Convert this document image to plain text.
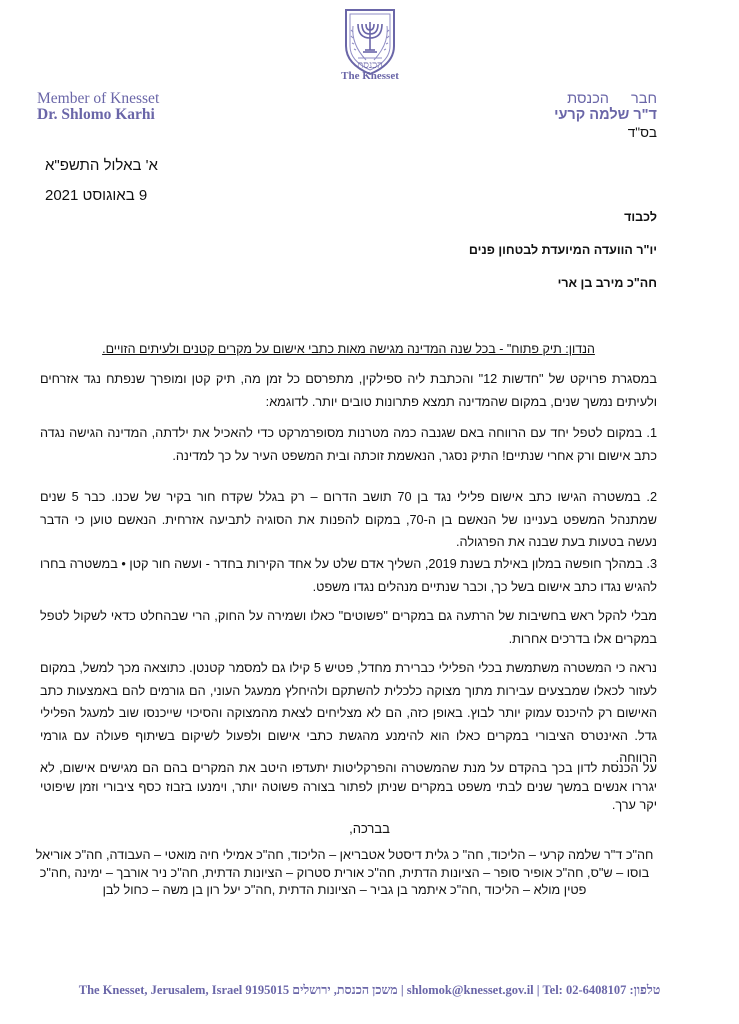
הכנסת
The Knesset
Member of Knesset
Dr. Shlomo Karhi
חבר הכנסת
ד"ר שלמה קרעי
בס"ד
א' באלול התשפ"א
9 באוגוסט 2021
לכבוד
יו"ר הוועדה המיועדת לבטחון פנים
חה"כ מירב בן ארי
הנדון: תיק פתוח" - בכל שנה המדינה מגישה מאות כתבי אישום על מקרים קטנים ולעיתים הזויים.
במסגרת פרויקט של "חדשות 12" והכתבת ליה ספילקין, מתפרסם כל זמן מה, תיק קטן ומופרך שנפתח נגד אזרחים ולעיתים נמשך שנים, במקום שהמדינה תמצא פתרונות טובים יותר. לדוגמא:
1. במקום לטפל יחד עם הרווחה באם שגנבה כמה מטרנות מסופרמרקט כדי להאכיל את ילדתה, המדינה הגישה נגדה כתב אישום ורק אחרי שנתיים! התיק נסגר, הנאשמת זוכתה ובית המשפט העיר על כך למדינה.
2. במשטרה הגישו כתב אישום פלילי נגד בן 70 תושב הדרום – רק בגלל שקדח חור בקיר של שכנו. כבר 5 שנים שמתנהל המשפט בעניינו של הנאשם בן ה-70, במקום להפנות את הסוגיה לתביעה אזרחית. הנאשם טוען כי הדבר נעשה בטעות בעת שבנה את הפרגולה.
3. במהלך חופשה במלון באילת בשנת 2019, השליך אדם שלט על אחד הקירות בחדר - ועשה חור קטן • במשטרה בחרו להגיש נגדו כתב אישום בשל כך, וכבר שנתיים מנהלים נגדו משפט.
מבלי להקל ראש בחשיבות של הרתעה גם במקרים "פשוטים" כאלו ושמירה על החוק, הרי שבהחלט כדאי לשקול לטפל במקרים אלו בדרכים אחרות.
נראה כי המשטרה משתמשת בכלי הפלילי כברירת מחדל, פטיש 5 קילו גם למסמר קטנטן. כתוצאה מכך למשל, במקום לעזור לכאלו שמבצעים עבירות מתוך מצוקה כלכלית להשתקם ולהיחלץ ממעגל העוני, הם גורמים להם באמצעות כתב האישום רק להיכנס עמוק יותר לבוץ. באופן כזה, הם לא מצליחים לצאת מהמצוקה והסיכוי שייכנסו שוב למעגל הפלילי גדל. האינטרס הציבורי במקרים כאלו הוא להימנע מהגשת כתבי אישום ולפעול לשיקום בשיתוף פעולה עם גורמי הרווחה.
על הכנסת לדון בכך בהקדם על מנת שהמשטרה והפרקליטות יתעדפו היטב את המקרים בהם הם מגישים אישום, לא יגררו אנשים במשך שנים לבתי משפט במקרים שניתן לפתור בצורה פשוטה יותר, וימנעו בזבוז כסף ציבורי וזמן שיפוטי יקר ערך.
בברכה,
חה"כ ד"ר שלמה קרעי – הליכוד, חה" כ גלית דיסטל אטבריאן – הליכוד, חה"כ אמילי חיה מואטי – העבודה, חה"כ אוריאל בוסו – ש"ס, חה"כ אופיר סופר – הציונות הדתית, חה"כ אורית סטרוק – הציונות הדתית, חה"כ ניר אורבך – ימינה ,חה"כ פטין מולא – הליכוד ,חה"כ איתמר בן גביר – הציונות הדתית ,חה"כ יעל רון בן משה – כחול לבן
The Knesset, Jerusalem, Israel 9195015 משכן הכנסת, ירושלים | shlomok@knesset.gov.il | Tel: 02-6408107 טלפון:
